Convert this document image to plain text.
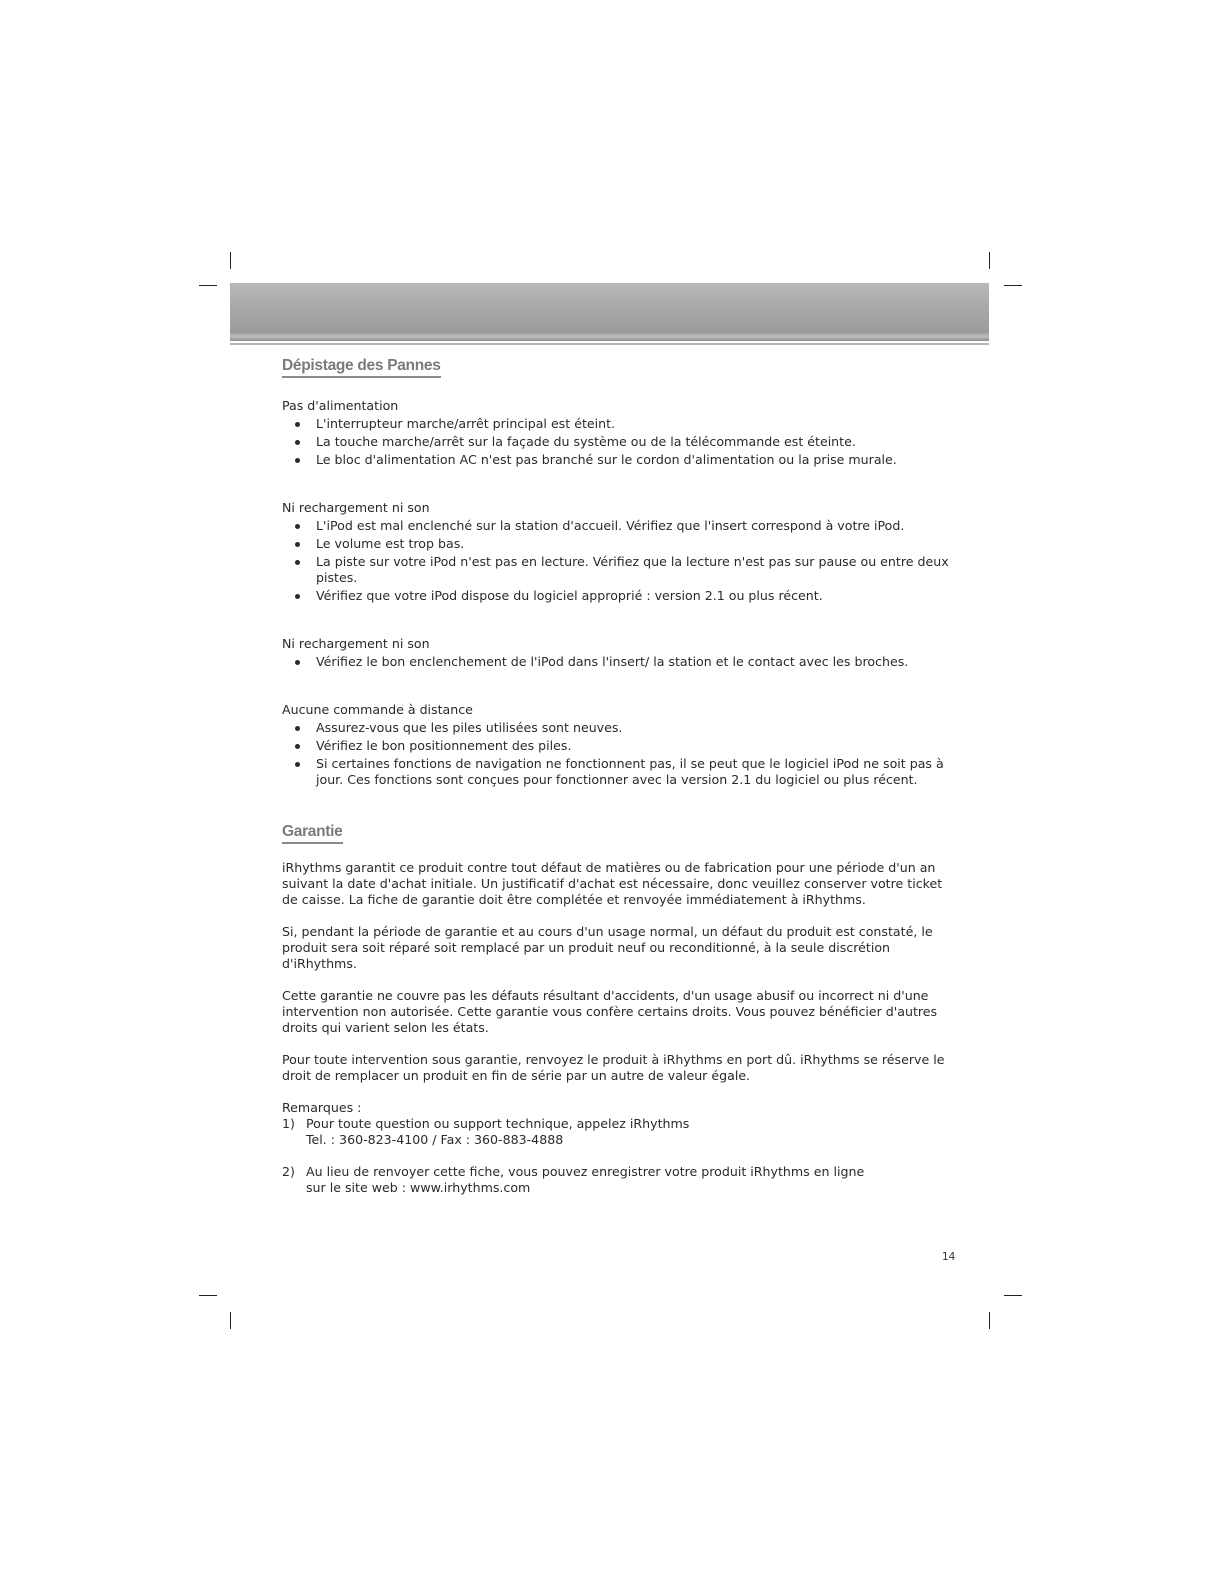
Dépistage des Pannes

Pas d'alimentation

L'interrupteur marche/arrêt principal est éteint.
La touche marche/arrêt sur la façade du système ou de la télécommande est éteinte.
Le bloc d'alimentation AC n'est pas branché sur le cordon d'alimentation ou la prise murale.

Ni rechargement ni son

L'iPod est mal enclenché sur la station d'accueil. Vérifiez que l'insert correspond à votre iPod.
Le volume est trop bas.
La piste sur votre iPod n'est pas en lecture. Vérifiez que la lecture n'est pas sur pause ou entre deux pistes.
Vérifiez que votre iPod dispose du logiciel approprié : version 2.1 ou plus récent.

Ni rechargement ni son

Vérifiez le bon enclenchement de l'iPod dans l'insert/ la station et le contact avec les broches.

Aucune commande à distance

Assurez-vous que les piles utilisées sont neuves.
Vérifiez le bon positionnement des piles.
Si certaines fonctions de navigation ne fonctionnent pas, il se peut que le logiciel iPod ne soit pas à jour. Ces fonctions sont conçues pour fonctionner avec la version 2.1 du logiciel ou plus récent.
Garantie

iRhythms garantit ce produit contre tout défaut de matières ou de fabrication pour une période d'un an suivant la date d'achat initiale. Un justificatif d'achat est nécessaire, donc veuillez conserver votre ticket de caisse. La fiche de garantie doit être complétée et renvoyée immédiatement à iRhythms.

Si, pendant la période de garantie et au cours d'un usage normal, un défaut du produit est constaté, le produit sera soit réparé soit remplacé par un produit neuf ou reconditionné, à la seule discrétion d'iRhythms.

Cette garantie ne couvre pas les défauts résultant d'accidents, d'un usage abusif ou incorrect ni d'une intervention non autorisée. Cette garantie vous confère certains droits. Vous pouvez bénéficier d'autres droits qui varient selon les états.

Pour toute intervention sous garantie, renvoyez le produit à iRhythms en port dû. iRhythms se réserve le droit de remplacer un produit en fin de série par un autre de valeur égale.

Remarques :

1) Pour toute question ou support technique, appelez iRhythms
Tel. : 360-823-4100 / Fax : 360-883-4888
2) Au lieu de renvoyer cette fiche, vous pouvez enregistrer votre produit iRhythms en ligne
sur le site web : www.irhythms.com
14
